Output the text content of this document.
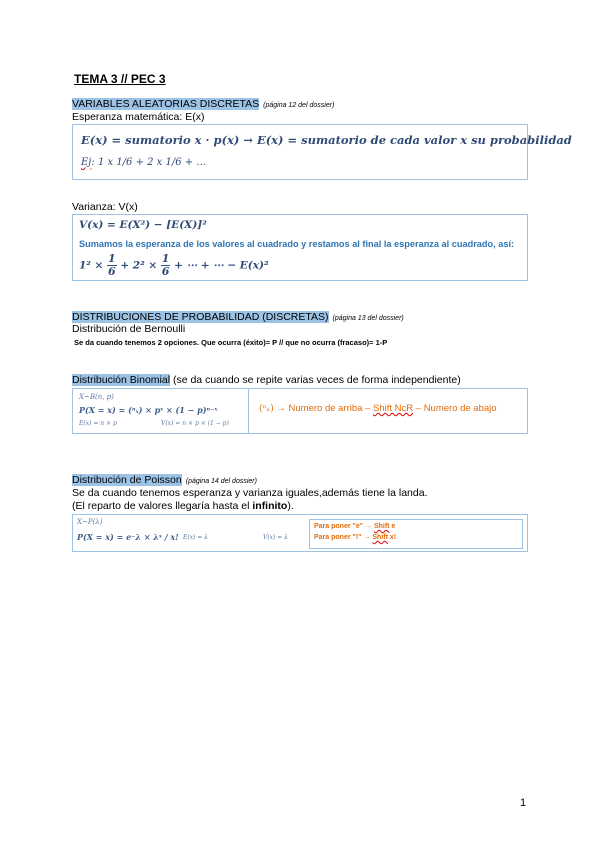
TEMA 3 // PEC 3
VARIABLES ALEATORIAS DISCRETAS (página 12 del dossier)
Esperanza matemática: E(x)
E(x) = sumatorio x · p(x) → E(x) = sumatorio de cada valor x su probabilidad
Ej: 1 x 1/6 + 2 x 1/6 + …
Varianza: V(x)
V(x) = E(X²) − [E(X)]²
Sumamos la esperanza de los valores al cuadrado y restamos al final la esperanza al cuadrado, así:
$1^2 \times \frac{1}{6} + 2^2 \times \frac{1}{6}$ + ⋯ + ⋯ − E(x)²
DISTRIBUCIONES DE PROBABILIDAD (DISCRETAS) (página 13 del dossier)
Distribución de Bernoulli
Se da cuando tenemos 2 opciones. Que ocurra (éxito)= P // que no ocurra (fracaso)= 1-P
Distribución Binomial (se da cuando se repite varias veces de forma independiente)
X~B(n, p)
P(X = x) = (ⁿₓ) × pˣ × (1 − p)ⁿ⁻ˣ
E(x) = n × p	V(x) = n × p × (1 − p)
(ⁿₓ) → Numero de arriba – Shift NcR – Numero de abajo
Distribución de Poisson (página 14 del dossier)
Se da cuando tenemos esperanza y varianza iguales,además tiene la landa.
(El reparto de valores llegaría hasta el infinito).
X~P(λ)
P(X = x) = e⁻λ × λˣ / x! E(x) = λ	V(x) = λ
Para poner "e" → Shift e
Para poner "!" → Shift x!
1
